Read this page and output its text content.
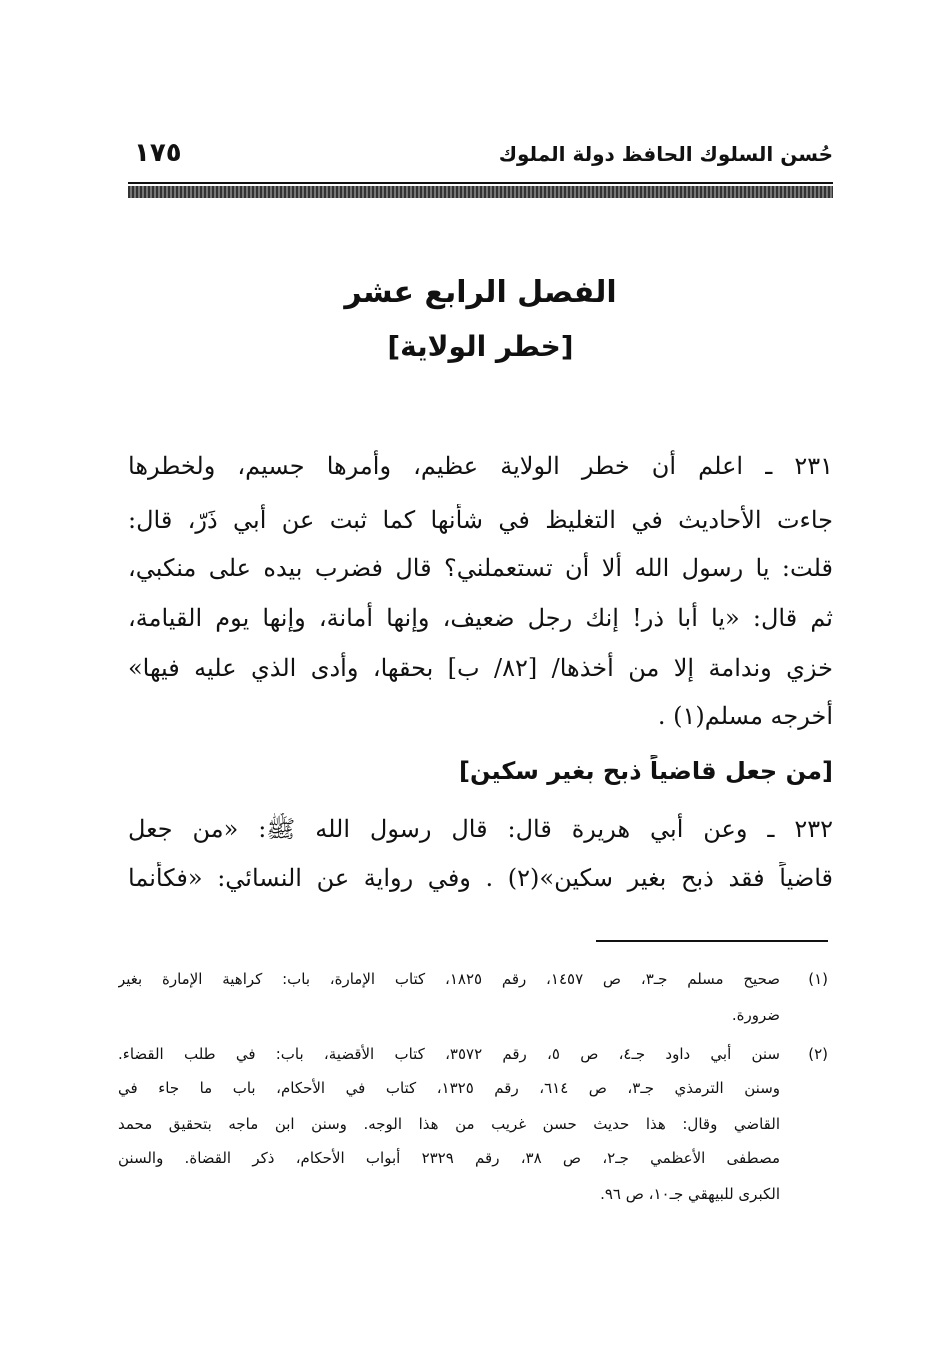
حُسن السلوك الحافظ دولة الملوك
١٧٥
الفصل الرابع عشر
[خطر الولاية]
٢٣١ ـ اعلم أن خطر الولاية عظيم، وأمرها جسيم، ولخطرها
جاءت الأحاديث في التغليظ في شأنها كما ثبت عن أبي ذَرّ، قال:
قلت: يا رسول الله ألا أن تستعملني؟ قال فضرب بيده على منكبي،
ثم قال: «يا أبا ذر! إنك رجل ضعيف، وإنها أمانة، وإنها يوم القيامة،
خزي وندامة إلا من أخذها/ [٨٢/ ب] بحقها، وأدى الذي عليه فيها»
أخرجه مسلم(١) .
[من جعل قاضياً ذبح بغير سكين]
٢٣٢ ـ وعن أبي هريرة قال: قال رسول الله ﷺ: «من جعل
قاضياً فقد ذبح بغير سكين»(٢) . وفي رواية عن النسائي: «فكأنما
(١)
صحيح مسلم جـ٣، ص ١٤٥٧، رقم ١٨٢٥، كتاب الإمارة، باب: كراهية الإمارة بغير
ضرورة.
(٢)
سنن أبي داود جـ٤، ص ٥، رقم ٣٥٧٢، كتاب الأقضية، باب: في طلب القضاء.
وسنن الترمذي جـ٣، ص ٦١٤، رقم ١٣٢٥، كتاب في الأحكام، باب ما جاء في
القاضي وقال: هذا حديث حسن غريب من هذا الوجه. وسنن ابن ماجه بتحقيق محمد
مصطفى الأعظمي جـ٢، ص ٣٨، رقم ٢٣٢٩ أبواب الأحكام، ذكر القضاة. والسنن
الكبرى للبيهقي جـ١٠، ص ٩٦.
